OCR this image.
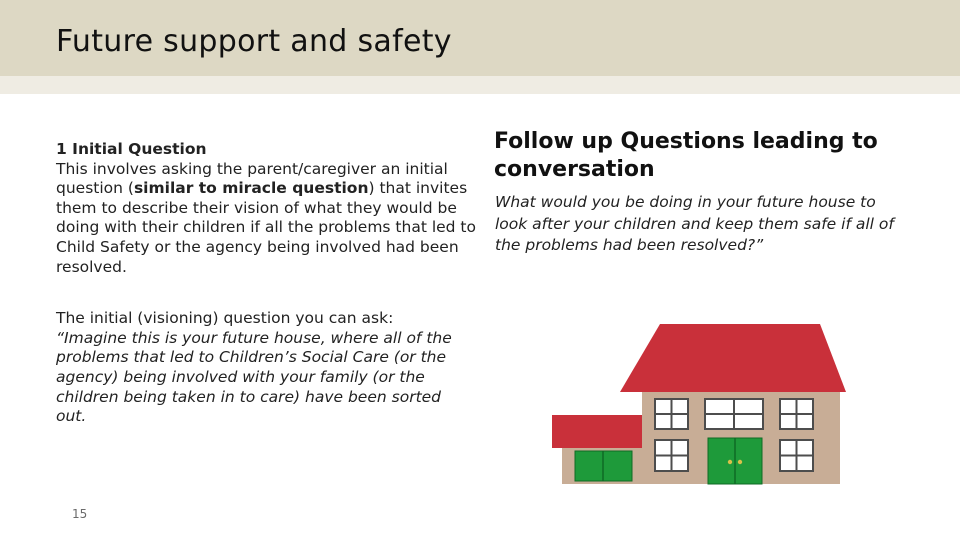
Future support and safety

1 Initial Question
This involves asking the parent/caregiver an initial question (similar to miracle question) that invites them to describe their vision of what they would be doing with their children if all the problems that led to Child Safety or the agency being involved had been resolved.

The initial (visioning) question you can ask:
“Imagine this is your future house, where all of the problems that led to Children’s Social Care (or the agency) being involved with your family (or the children being taken in to care) have been sorted out.

Follow up Questions leading to conversation
What would you be doing in your future house to look after your children and keep them safe if all of the problems had been resolved?”
15
